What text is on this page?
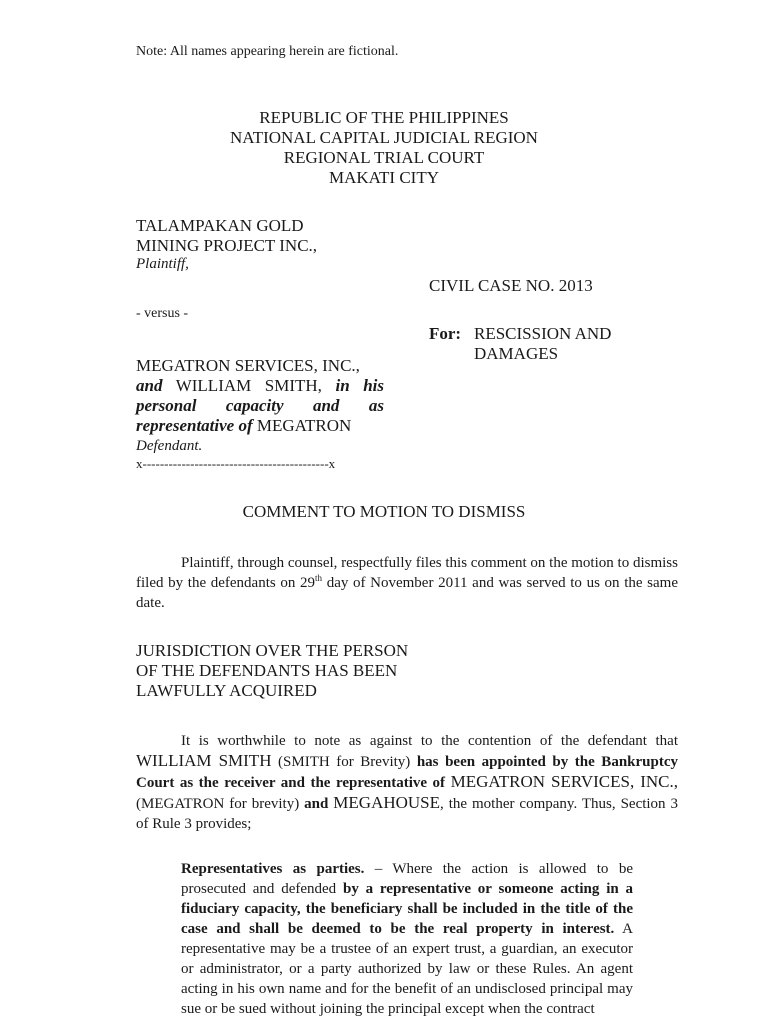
Note: All names appearing herein are fictional.
REPUBLIC OF THE PHILIPPINES
NATIONAL CAPITAL JUDICIAL REGION
REGIONAL TRIAL COURT
MAKATI CITY
TALAMPAKAN GOLD
MINING PROJECT INC.,
Plaintiff,
CIVIL CASE NO. 2013
- versus -
For: RESCISSION AND
DAMAGES
MEGATRON SERVICES, INC.,
and WILLIAM SMITH, in his
personal capacity and as
representative of MEGATRON
Defendant.
x-------------------------------------------x
COMMENT TO MOTION TO DISMISS
Plaintiff, through counsel, respectfully files this comment on the motion to dismiss filed by the defendants on 29th day of November 2011 and was served to us on the same date.
JURISDICTION OVER THE PERSON
OF THE DEFENDANTS HAS BEEN
LAWFULLY ACQUIRED
It is worthwhile to note as against to the contention of the defendant that WILLIAM SMITH (SMITH for Brevity) has been appointed by the Bankruptcy Court as the receiver and the representative of MEGATRON SERVICES, INC., (MEGATRON for brevity) and MEGAHOUSE, the mother company. Thus, Section 3 of Rule 3 provides;
Representatives as parties. – Where the action is allowed to be prosecuted and defended by a representative or someone acting in a fiduciary capacity, the beneficiary shall be included in the title of the case and shall be deemed to be the real property in interest. A representative may be a trustee of an expert trust, a guardian, an executor or administrator, or a party authorized by law or these Rules. An agent acting in his own name and for the benefit of an undisclosed principal may sue or be sued without joining the principal except when the contract
